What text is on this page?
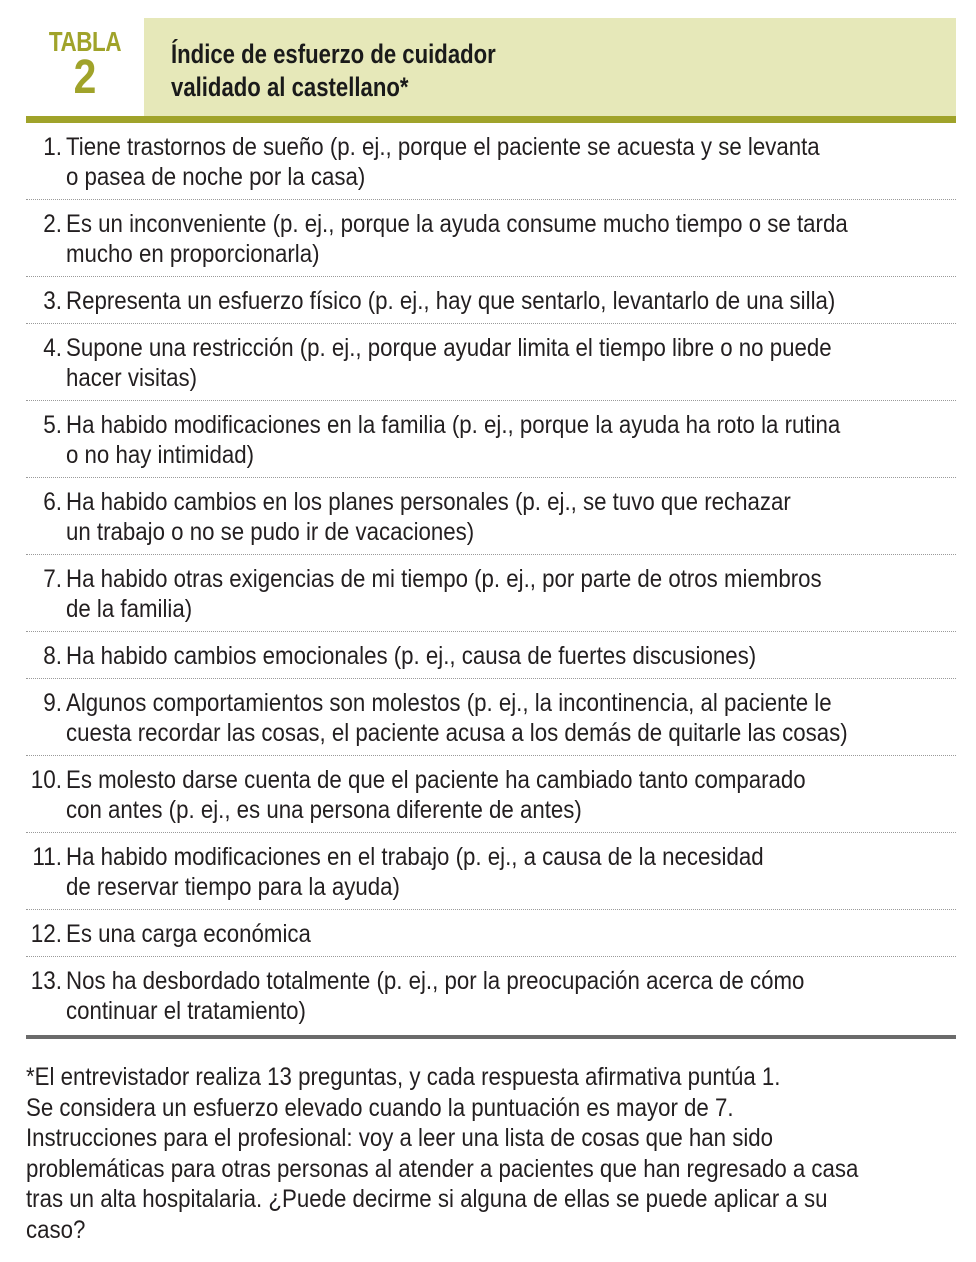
TABLA
2	Índice de esfuerzo de cuidador
validado al castellano*
1. Tiene trastornos de sueño (p. ej., porque el paciente se acuesta y se levanta
o pasea de noche por la casa)
2. Es un inconveniente (p. ej., porque la ayuda consume mucho tiempo o se tarda
mucho en proporcionarla)
3. Representa un esfuerzo físico (p. ej., hay que sentarlo, levantarlo de una silla)
4. Supone una restricción (p. ej., porque ayudar limita el tiempo libre o no puede
hacer visitas)
5. Ha habido modificaciones en la familia (p. ej., porque la ayuda ha roto la rutina
o no hay intimidad)
6. Ha habido cambios en los planes personales (p. ej., se tuvo que rechazar
un trabajo o no se pudo ir de vacaciones)
7. Ha habido otras exigencias de mi tiempo (p. ej., por parte de otros miembros
de la familia)
8. Ha habido cambios emocionales (p. ej., causa de fuertes discusiones)
9. Algunos comportamientos son molestos (p. ej., la incontinencia, al paciente le
cuesta recordar las cosas, el paciente acusa a los demás de quitarle las cosas)
10. Es molesto darse cuenta de que el paciente ha cambiado tanto comparado
con antes (p. ej., es una persona diferente de antes)
11. Ha habido modificaciones en el trabajo (p. ej., a causa de la necesidad
de reservar tiempo para la ayuda)
12. Es una carga económica
13. Nos ha desbordado totalmente (p. ej., por la preocupación acerca de cómo
continuar el tratamiento)
*El entrevistador realiza 13 preguntas, y cada respuesta afirmativa puntúa 1.
Se considera un esfuerzo elevado cuando la puntuación es mayor de 7.
Instrucciones para el profesional: voy a leer una lista de cosas que han sido
problemáticas para otras personas al atender a pacientes que han regresado a casa
tras un alta hospitalaria. ¿Puede decirme si alguna de ellas se puede aplicar a su
caso?
